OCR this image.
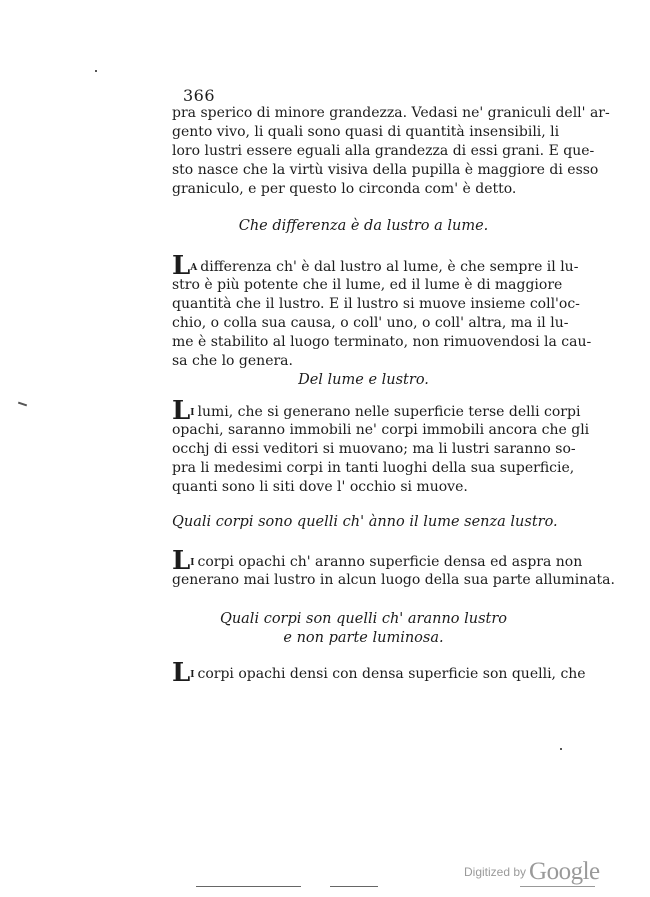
366
pra sperico di minore grandezza. Vedasi ne' graniculi dell' ar-
gento vivo, li quali sono quasi di quantità insensibili, li
loro lustri essere eguali alla grandezza di essi grani. E que-
sto nasce che la virtù visiva della pupilla è maggiore di esso
graniculo, e per questo lo circonda com' è detto.
Che differenza è da lustro a lume.
LA differenza ch' è dal lustro al lume, è che sempre il lu-
stro è più potente che il lume, ed il lume è di maggiore
quantità che il lustro. E il lustro si muove insieme coll'oc-
chio, o colla sua causa, o coll' uno, o coll' altra, ma il lu-
me è stabilito al luogo terminato, non rimuovendosi la cau-
sa che lo genera.
Del lume e lustro.
LI lumi, che si generano nelle superficie terse delli corpi
opachi, saranno immobili ne' corpi immobili ancora che gli
occhj di essi veditori si muovano; ma li lustri saranno so-
pra li medesimi corpi in tanti luoghi della sua superficie,
quanti sono li siti dove l' occhio si muove.
Quali corpi sono quelli ch' ànno il lume senza lustro.
LI corpi opachi ch' aranno superficie densa ed aspra non
generano mai lustro in alcun luogo della sua parte alluminata.
Quali corpi son quelli ch' aranno lustro
e non parte luminosa.
LI corpi opachi densi con densa superficie son quelli, che
Digitized by Google
